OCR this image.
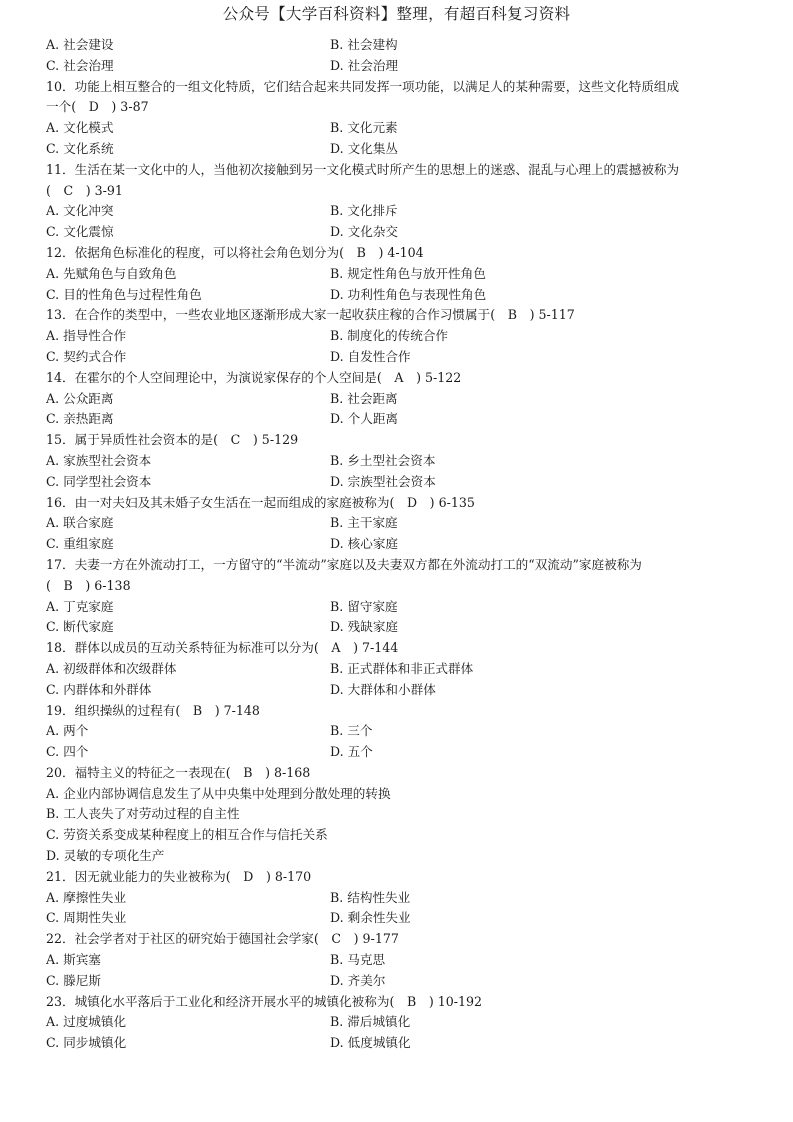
公众号【大学百科资料】整理，有超百科复习资料
A. 社会建设	B. 社会建构
C. 社会治理	D. 社会治理
10．功能上相互整合的一组文化特质，它们结合起来共同发挥一项功能，以满足人的某种需要，这些文化特质组成
一个(　D　) 3-87
A. 文化模式	B. 文化元素
C. 文化系统	D. 文化集丛
11．生活在某一文化中的人，当他初次接触到另一文化模式时所产生的思想上的迷惑、混乱与心理上的震撼被称为
(　C　) 3-91
A. 文化冲突	B. 文化排斥
C. 文化震惊	D. 文化杂交
12．依据角色标准化的程度，可以将社会角色划分为(　B　) 4-104
A. 先赋角色与自致角色	B. 规定性角色与放开性角色
C. 目的性角色与过程性角色	D. 功利性角色与表现性角色
13．在合作的类型中，一些农业地区逐渐形成大家一起收获庄稼的合作习惯属于(　B　) 5-117
A. 指导性合作	B. 制度化的传统合作
C. 契约式合作	D. 自发性合作
14．在霍尔的个人空间理论中，为演说家保存的个人空间是(　A　) 5-122
A. 公众距离	B. 社会距离
C. 亲热距离	D. 个人距离
15．属于异质性社会资本的是(　C　) 5-129
A. 家族型社会资本	B. 乡土型社会资本
C. 同学型社会资本	D. 宗族型社会资本
16．由一对夫妇及其未婚子女生活在一起而组成的家庭被称为(　D　) 6-135
A. 联合家庭	B. 主干家庭
C. 重组家庭	D. 核心家庭
17．夫妻一方在外流动打工，一方留守的“半流动”家庭以及夫妻双方都在外流动打工的“双流动”家庭被称为
(　B　) 6-138
A. 丁克家庭	B. 留守家庭
C. 断代家庭	D. 残缺家庭
18．群体以成员的互动关系特征为标准可以分为(　A　) 7-144
A. 初级群体和次级群体	B. 正式群体和非正式群体
C. 内群体和外群体	D. 大群体和小群体
19．组织操纵的过程有(　B　) 7-148
A. 两个	B. 三个
C. 四个	D. 五个
20．福特主义的特征之一表现在(　B　) 8-168
A. 企业内部协调信息发生了从中央集中处理到分散处理的转换
B. 工人丧失了对劳动过程的自主性
C. 劳资关系变成某种程度上的相互合作与信托关系
D. 灵敏的专项化生产
21．因无就业能力的失业被称为(　D　) 8-170
A. 摩擦性失业	B. 结构性失业
C. 周期性失业	D. 剩余性失业
22．社会学者对于社区的研究始于德国社会学家(　C　) 9-177
A. 斯宾塞	B. 马克思
C. 滕尼斯	D. 齐美尔
23．城镇化水平落后于工业化和经济开展水平的城镇化被称为(　B　) 10-192
A. 过度城镇化	B. 滞后城镇化
C. 同步城镇化	D. 低度城镇化
